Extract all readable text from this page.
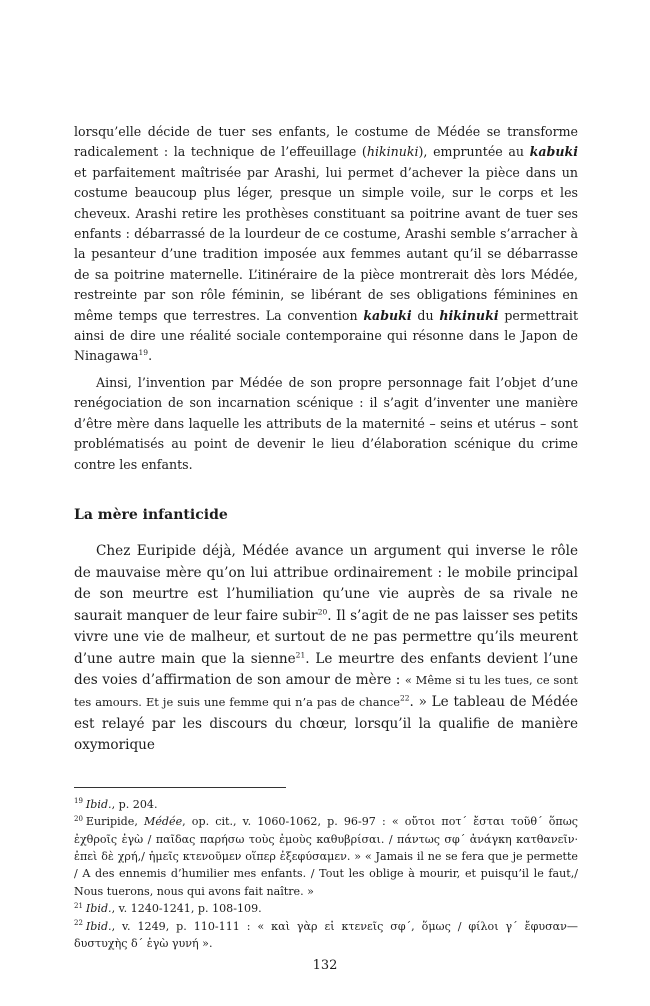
lorsqu’elle décide de tuer ses enfants, le costume de Médée se transforme radicalement : la technique de l’effeuillage (hikinuki), empruntée au kabuki et parfaitement maîtrisée par Arashi, lui permet d’achever la pièce dans un costume beaucoup plus léger, presque un simple voile, sur le corps et les cheveux. Arashi retire les prothèses constituant sa poitrine avant de tuer ses enfants : débarrassé de la lourdeur de ce costume, Arashi semble s’arracher à la pesanteur d’une tradition imposée aux femmes autant qu’il se débarrasse de sa poitrine maternelle. L’itinéraire de la pièce montrerait dès lors Médée, restreinte par son rôle féminin, se libérant de ses obligations féminines en même temps que terrestres. La convention kabuki du hikinuki permettrait ainsi de dire une réalité sociale contemporaine qui résonne dans le Japon de Ninagawa$^{19}$.

Ainsi, l’invention par Médée de son propre personnage fait l’objet d’une renégociation de son incarnation scénique : il s’agit d’inventer une manière d’être mère dans laquelle les attributs de la maternité – seins et utérus – sont problématisés au point de devenir le lieu d’élaboration scénique du crime contre les enfants.

La mère infanticide

Chez Euripide déjà, Médée avance un argument qui inverse le rôle de mauvaise mère qu’on lui attribue ordinairement : le mobile principal de son meurtre est l’humiliation qu’une vie auprès de sa rivale ne saurait manquer de leur faire subir$^{20}$. Il s’agit de ne pas laisser ses petits vivre une vie de malheur, et surtout de ne pas permettre qu’ils meurent d’une autre main que la sienne$^{21}$. Le meurtre des enfants devient l’une des voies d’affirmation de son amour de mère : « Même si tu les tues, ce sont tes amours. Et je suis une femme qui n’a pas de chance$^{22}$. » Le tableau de Médée est relayé par les discours du chœur, lorsqu’il la qualifie de manière oxymorique

$^{19}$ Ibid., p. 204.

$^{20}$ Euripide, Médée, op. cit., v. 1060-1062, p. 96-97 : « οὔτοι ποτ´ ἔσται τοῦθ´ ὅπως ἐχθροῖς ἐγὼ / παῖδας παρήσω τοὺς ἐμοὺς καθυβρίσαι. / πάντως σφ´ ἀνάγκη κατθανεῖν· ἐπεὶ δὲ χρή,/ ἡμεῖς κτενοῦμεν οἵπερ ἐξεφύσαμεν. » « Jamais il ne se fera que je permette / A des ennemis d’humilier mes enfants. / Tout les oblige à mourir, et puisqu’il le faut,/ Nous tuerons, nous qui avons fait naître. »

$^{21}$ Ibid., v. 1240-1241, p. 108-109.

$^{22}$ Ibid., v. 1249, p. 110-111 : « καὶ γὰρ εἰ κτενεῖς σφ´, ὅμως / φίλοι γ´ ἔφυσαν— δυστυχὴς δ´ ἐγὼ γυνή ».

132
